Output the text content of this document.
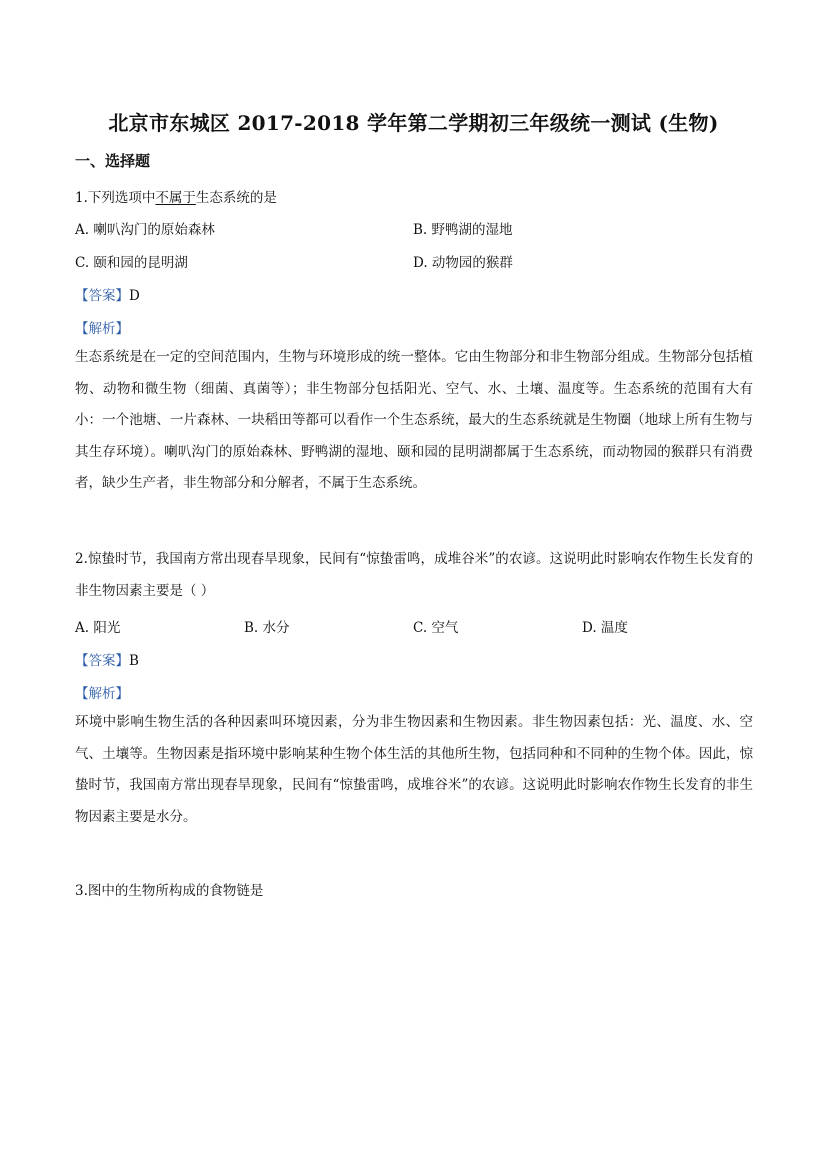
北京市东城区 2017-2018 学年第二学期初三年级统一测试 (生物)
一、选择题
1.下列选项中不属于生态系统的是
A. 喇叭沟门的原始森林	B. 野鸭湖的湿地
C. 颐和园的昆明湖	D. 动物园的猴群
【答案】D
【解析】
生态系统是在一定的空间范围内，生物与环境形成的统一整体。它由生物部分和非生物部分组成。生物部分包括植物、动物和微生物（细菌、真菌等）；非生物部分包括阳光、空气、水、土壤、温度等。生态系统的范围有大有小：一个池塘、一片森林、一块稻田等都可以看作一个生态系统，最大的生态系统就是生物圈（地球上所有生物与其生存环境）。喇叭沟门的原始森林、野鸭湖的湿地、颐和园的昆明湖都属于生态系统，而动物园的猴群只有消费者，缺少生产者，非生物部分和分解者，不属于生态系统。
2.惊蛰时节，我国南方常出现春旱现象，民间有“惊蛰雷鸣，成堆谷米”的农谚。这说明此时影响农作物生长发育的非生物因素主要是（ ）
A. 阳光	B. 水分	C. 空气	D. 温度
【答案】B
【解析】
环境中影响生物生活的各种因素叫环境因素，分为非生物因素和生物因素。非生物因素包括：光、温度、水、空气、土壤等。生物因素是指环境中影响某种生物个体生活的其他所生物，包括同种和不同种的生物个体。因此，惊蛰时节，我国南方常出现春旱现象，民间有“惊蛰雷鸣，成堆谷米”的农谚。这说明此时影响农作物生长发育的非生物因素主要是水分。
3.图中的生物所构成的食物链是
